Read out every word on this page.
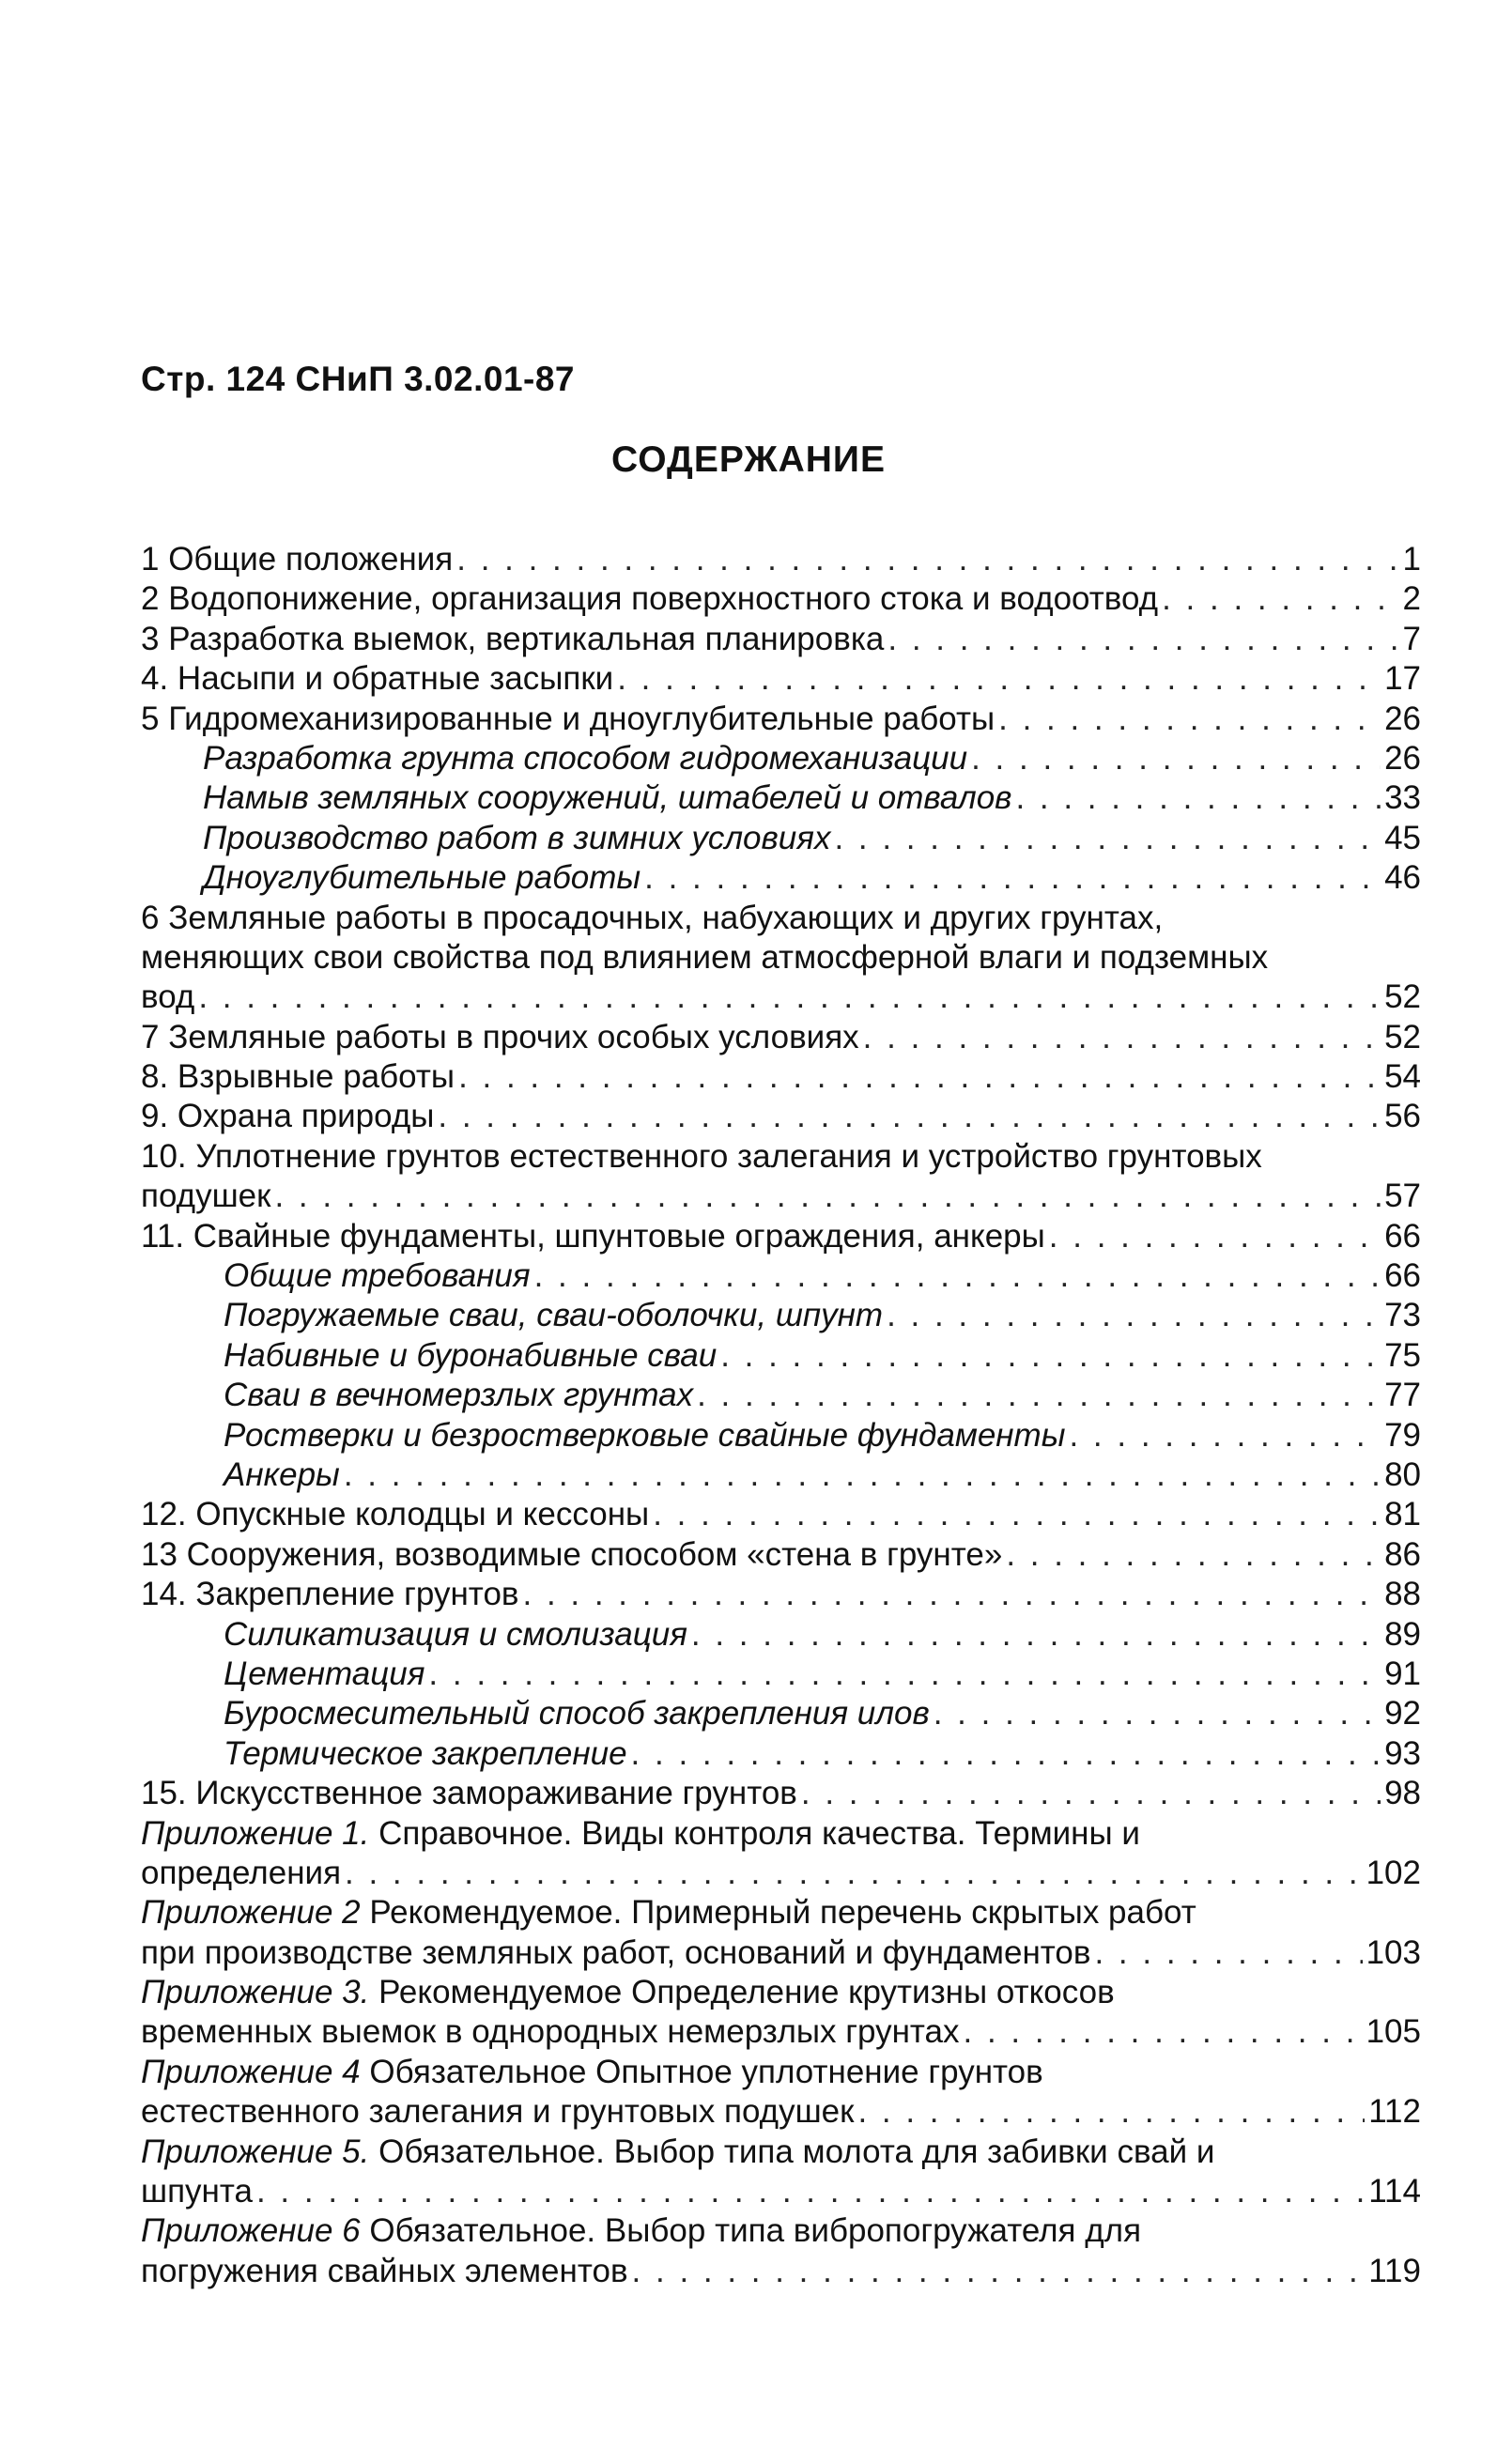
Стр. 124 СНиП 3.02.01-87
СОДЕРЖАНИЕ
1 Общие положения . . .	1
2 Водопонижение, организация поверхностного стока и водоотвод . . .	2
3 Разработка выемок, вертикальная планировка . . .	7
4. Насыпи и обратные засыпки . . .	17
5 Гидромеханизированные и дноуглубительные работы . . .	26
Разработка грунта способом гидромеханизации . . .	26
Намыв земляных сооружений, штабелей и отвалов . . .	33
Производство работ в зимних условиях . . .	45
Дноуглубительные работы . . .	46
6 Земляные работы в просадочных, набухающих и других грунтах,
меняющих свои свойства под влиянием атмосферной влаги и подземных
вод . . .	52
7 Земляные работы в прочих особых условиях . . .	52
8. Взрывные работы . . .	54
9. Охрана природы . . .	56
10. Уплотнение грунтов естественного залегания и устройство грунтовых
подушек . . .	57
11. Свайные фундаменты, шпунтовые ограждения, анкеры . . .	66
Общие требования . . .	66
Погружаемые сваи, сваи-оболочки, шпунт . . .	73
Набивные и буронабивные сваи . . .	75
Сваи в вечномерзлых грунтах . . .	77
Ростверки и безростверковые свайные фундаменты . . .	79
Анкеры . . .	80
12. Опускные колодцы и кессоны . . .	81
13 Сооружения, возводимые способом «стена в грунте» . . .	86
14. Закрепление грунтов . . .	88
Силикатизация и смолизация . . .	89
Цементация . . .	91
Буросмесительный способ закрепления илов . . .	92
Термическое закрепление . . .	93
15. Искусственное замораживание грунтов . . .	98
Приложение 1. Справочное. Виды контроля качества. Термины и
определения . . .	102
Приложение 2 Рекомендуемое. Примерный перечень скрытых работ
при производстве земляных работ, оснований и фундаментов . . .	103
Приложение 3. Рекомендуемое Определение крутизны откосов
временных выемок в однородных немерзлых грунтах . . .	105
Приложение 4 Обязательное Опытное уплотнение грунтов
естественного залегания и грунтовых подушек . . .	112
Приложение 5. Обязательное. Выбор типа молота для забивки свай и
шпунта . . .	114
Приложение 6 Обязательное. Выбор типа вибропогружателя для
погружения свайных элементов . . .	119
